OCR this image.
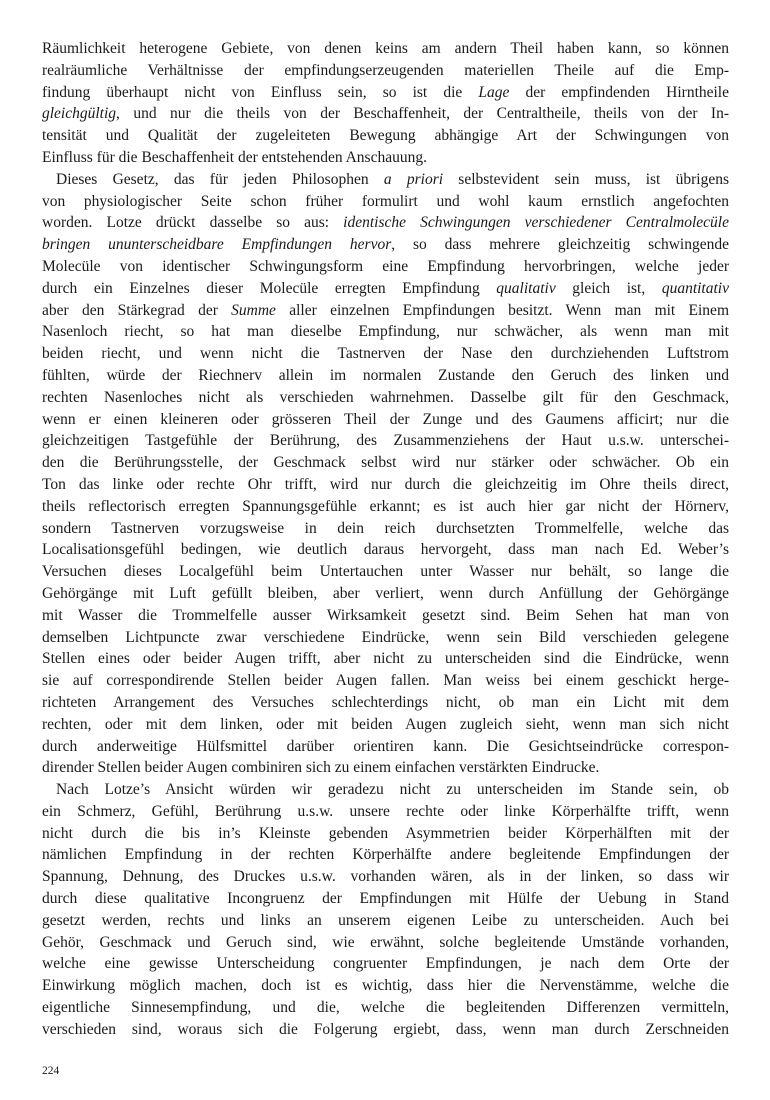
Räumlichkeit heterogene Gebiete, von denen keins am andern Theil haben kann, so können
realräumliche Verhältnisse der empfindungserzeugenden materiellen Theile auf die Emp-
findung überhaupt nicht von Einfluss sein, so ist die Lage der empfindenden Hirntheile
gleichgültig, und nur die theils von der Beschaffenheit, der Centraltheile, theils von der In-
tensität und Qualität der zugeleiteten Bewegung abhängige Art der Schwingungen von
Einfluss für die Beschaffenheit der entstehenden Anschauung.
Dieses Gesetz, das für jeden Philosophen a priori selbstevident sein muss, ist übrigens
von physiologischer Seite schon früher formulirt und wohl kaum ernstlich angefochten
worden. Lotze drückt dasselbe so aus: identische Schwingungen verschiedener Centralmolecüle
bringen ununterscheidbare Empfindungen hervor, so dass mehrere gleichzeitig schwingende
Molecüle von identischer Schwingungsform eine Empfindung hervorbringen, welche jeder
durch ein Einzelnes dieser Molecüle erregten Empfindung qualitativ gleich ist, quantitativ
aber den Stärkegrad der Summe aller einzelnen Empfindungen besitzt. Wenn man mit Einem
Nasenloch riecht, so hat man dieselbe Empfindung, nur schwächer, als wenn man mit
beiden riecht, und wenn nicht die Tastnerven der Nase den durchziehenden Luftstrom
fühlten, würde der Riechnerv allein im normalen Zustande den Geruch des linken und
rechten Nasenloches nicht als verschieden wahrnehmen. Dasselbe gilt für den Geschmack,
wenn er einen kleineren oder grösseren Theil der Zunge und des Gaumens afficirt; nur die
gleichzeitigen Tastgefühle der Berührung, des Zusammenziehens der Haut u.s.w. unterschei-
den die Berührungsstelle, der Geschmack selbst wird nur stärker oder schwächer. Ob ein
Ton das linke oder rechte Ohr trifft, wird nur durch die gleichzeitig im Ohre theils direct,
theils reflectorisch erregten Spannungsgefühle erkannt; es ist auch hier gar nicht der Hörnerv,
sondern Tastnerven vorzugsweise in dein reich durchsetzten Trommelfelle, welche das
Localisationsgefühl bedingen, wie deutlich daraus hervorgeht, dass man nach Ed. Weber’s
Versuchen dieses Localgefühl beim Untertauchen unter Wasser nur behält, so lange die
Gehörgänge mit Luft gefüllt bleiben, aber verliert, wenn durch Anfüllung der Gehörgänge
mit Wasser die Trommelfelle ausser Wirksamkeit gesetzt sind. Beim Sehen hat man von
demselben Lichtpuncte zwar verschiedene Eindrücke, wenn sein Bild verschieden gelegene
Stellen eines oder beider Augen trifft, aber nicht zu unterscheiden sind die Eindrücke, wenn
sie auf correspondirende Stellen beider Augen fallen. Man weiss bei einem geschickt herge-
richteten Arrangement des Versuches schlechterdings nicht, ob man ein Licht mit dem
rechten, oder mit dem linken, oder mit beiden Augen zugleich sieht, wenn man sich nicht
durch anderweitige Hülfsmittel darüber orientiren kann. Die Gesichtseindrücke correspon-
dirender Stellen beider Augen combiniren sich zu einem einfachen verstärkten Eindrucke.
Nach Lotze’s Ansicht würden wir geradezu nicht zu unterscheiden im Stande sein, ob
ein Schmerz, Gefühl, Berührung u.s.w. unsere rechte oder linke Körperhälfte trifft, wenn
nicht durch die bis in’s Kleinste gebenden Asymmetrien beider Körperhälften mit der
nämlichen Empfindung in der rechten Körperhälfte andere begleitende Empfindungen der
Spannung, Dehnung, des Druckes u.s.w. vorhanden wären, als in der linken, so dass wir
durch diese qualitative Incongruenz der Empfindungen mit Hülfe der Uebung in Stand
gesetzt werden, rechts und links an unserem eigenen Leibe zu unterscheiden. Auch bei
Gehör, Geschmack und Geruch sind, wie erwähnt, solche begleitende Umstände vorhanden,
welche eine gewisse Unterscheidung congruenter Empfindungen, je nach dem Orte der
Einwirkung möglich machen, doch ist es wichtig, dass hier die Nervenstämme, welche die
eigentliche Sinnesempfindung, und die, welche die begleitenden Differenzen vermitteln,
verschieden sind, woraus sich die Folgerung ergiebt, dass, wenn man durch Zerschneiden
224
